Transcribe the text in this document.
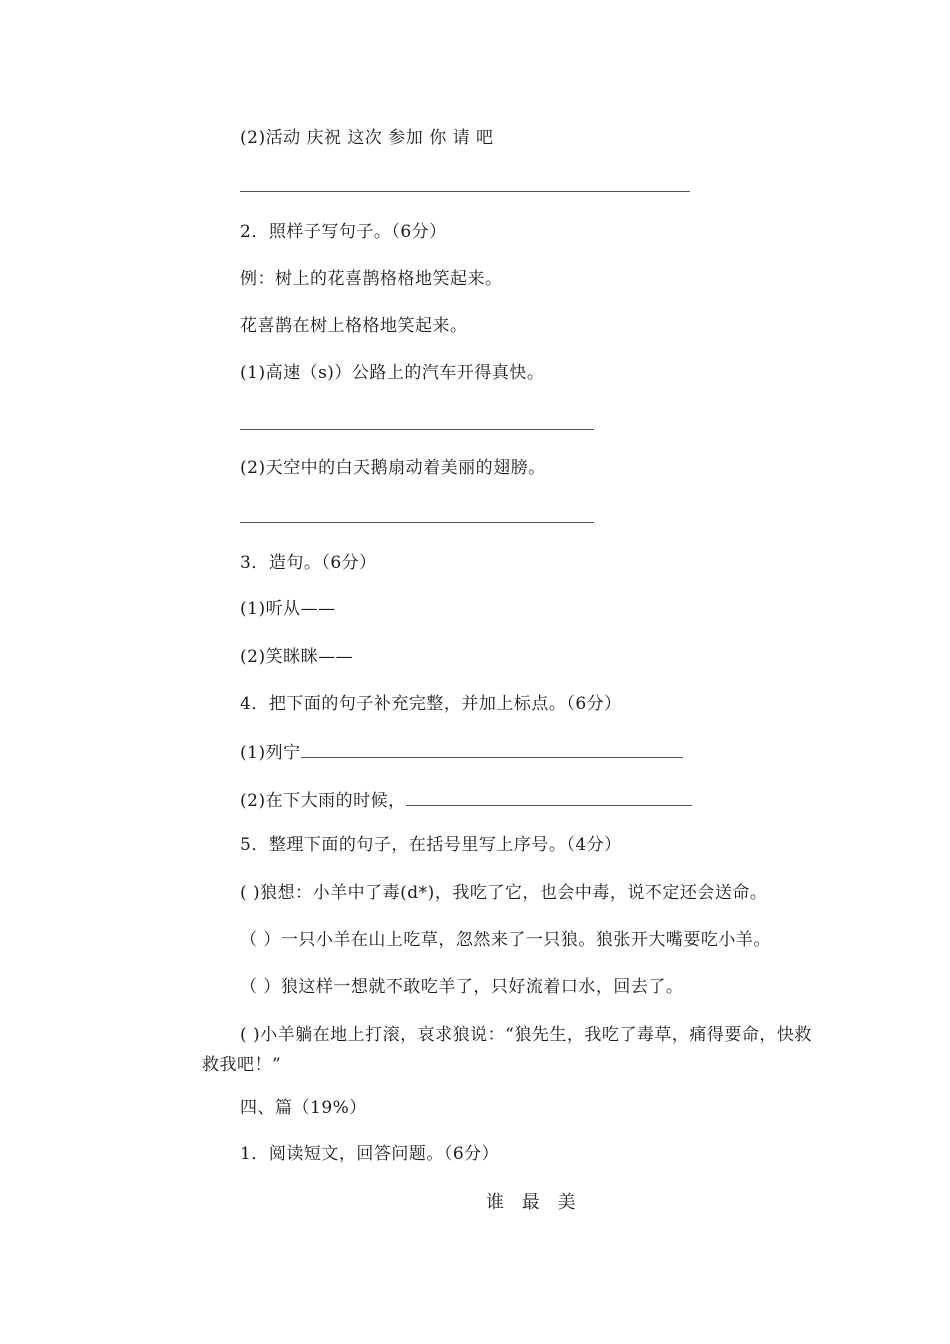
(2)活动 庆祝 这次 参加 你 请 吧
2．照样子写句子。（6分）
例：树上的花喜鹊格格地笑起来。
花喜鹊在树上格格地笑起来。
(1)高速（s)）公路上的汽车开得真快。
(2)天空中的白天鹅扇动着美丽的翅膀。
3．造句。（6分）
(1)听从——
(2)笑眯眯——
4．把下面的句子补充完整，并加上标点。（6分）
(1)列宁
(2)在下大雨的时候，
5．整理下面的句子，在括号里写上序号。（4分）
( )狼想：小羊中了毒(d*)，我吃了它，也会中毒，说不定还会送命。
（ ）一只小羊在山上吃草，忽然来了一只狼。狼张开大嘴要吃小羊。
（ ）狼这样一想就不敢吃羊了，只好流着口水，回去了。
( )小羊躺在地上打滚，哀求狼说：“狼先生，我吃了毒草，痛得要命，快救救我吧！”
四、篇（19%）
1．阅读短文，回答问题。（6分）
谁 最 美
